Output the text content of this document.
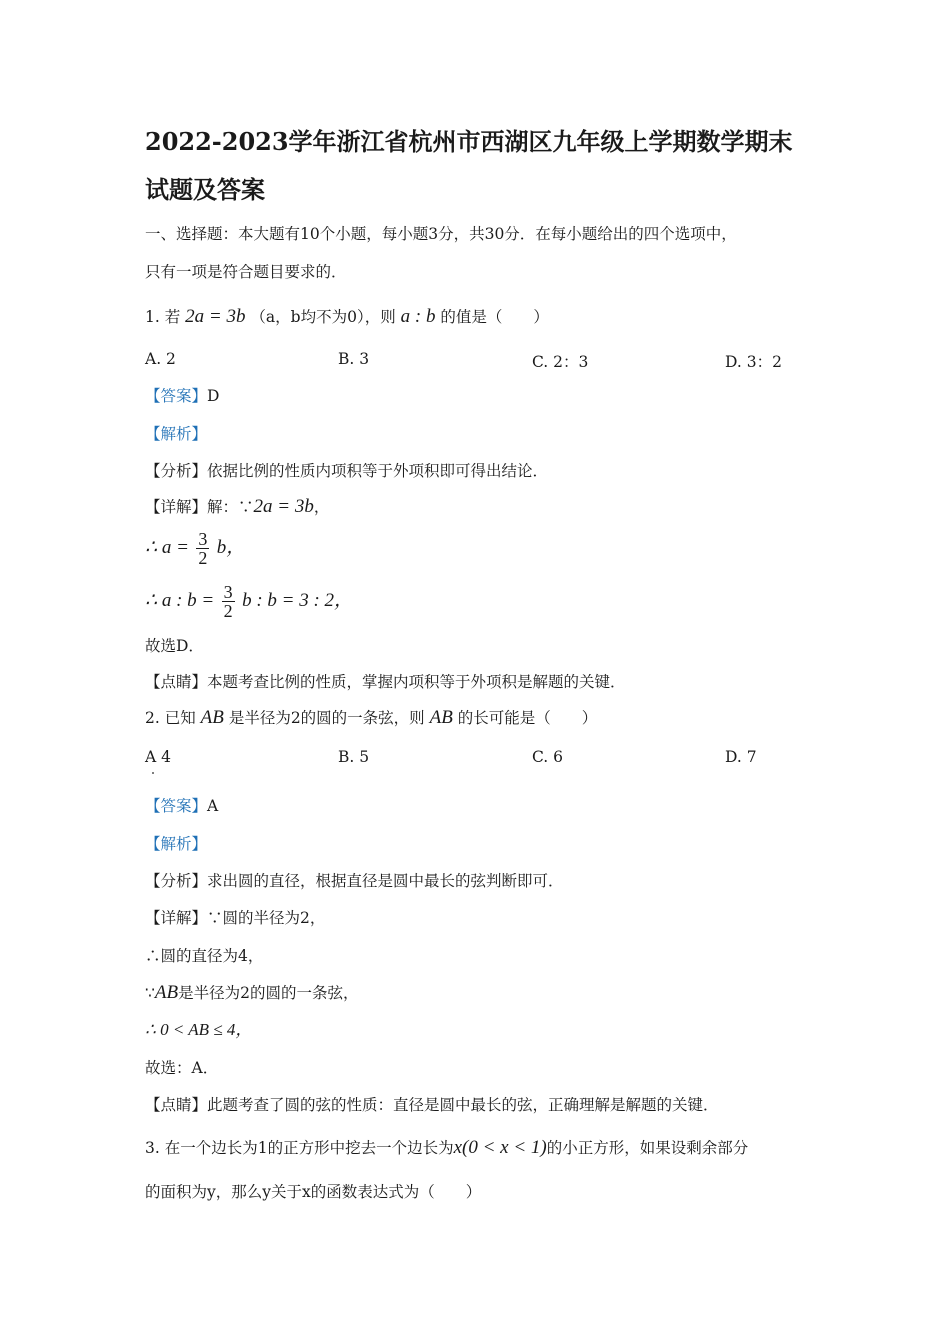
2022-2023学年浙江省杭州市西湖区九年级上学期数学期末
试题及答案
一、选择题：本大题有10个小题，每小题3分，共30分．在每小题给出的四个选项中，
只有一项是符合题目要求的．
1. 若 2a = 3b （a，b均不为0），则 a : b 的值是（　　）
A. 2	B. 3	C. 2：3	D. 3：2
【答案】D
【解析】
【分析】依据比例的性质内项积等于外项积即可得出结论．
【详解】解：∵2a = 3b，
∴ $a = \frac{3}{2}$ b，
∴ a : $b = \frac{3}{2}$ b : b = 3 : 2，
故选D．
【点睛】本题考查比例的性质，掌握内项积等于外项积是解题的关键．
2. 已知 AB 是半径为2的圆的一条弦，则 AB 的长可能是（　　）
A 4	B. 5	C. 6	D. 7
【答案】A
【解析】
【分析】求出圆的直径，根据直径是圆中最长的弦判断即可．
【详解】∵圆的半径为2，
∴圆的直径为4，
∵AB是半径为2的圆的一条弦，
∴ 0 < AB ≤ 4，
故选：A．
【点睛】此题考查了圆的弦的性质：直径是圆中最长的弦，正确理解是解题的关键．
3. 在一个边长为1的正方形中挖去一个边长为x(0 < x < 1)的小正方形，如果设剩余部分
的面积为y，那么y关于x的函数表达式为（　　）
